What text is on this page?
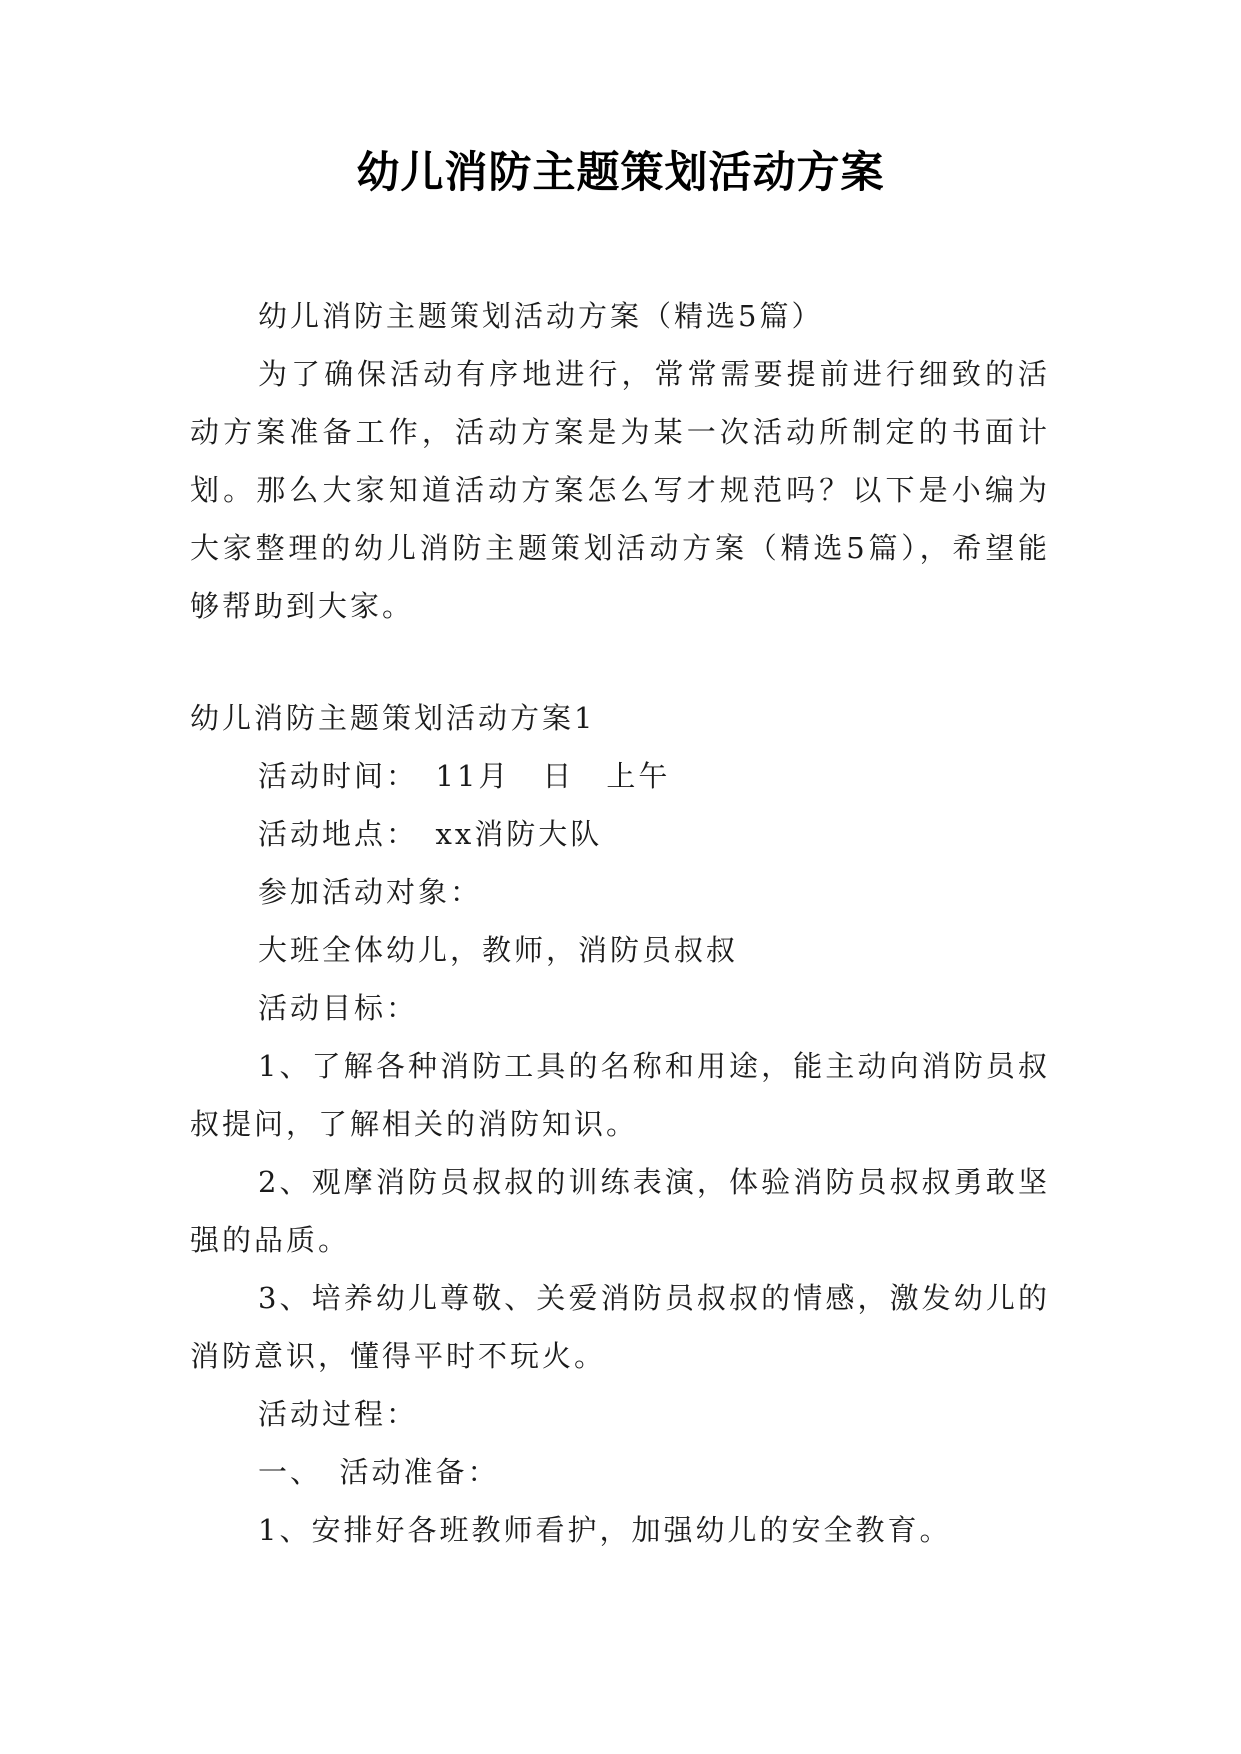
幼儿消防主题策划活动方案

幼儿消防主题策划活动方案（精选5篇）

为了确保活动有序地进行，常常需要提前进行细致的活动方案准备工作，活动方案是为某一次活动所制定的书面计划。那么大家知道活动方案怎么写才规范吗？以下是小编为大家整理的幼儿消防主题策划活动方案（精选5篇），希望能够帮助到大家。

幼儿消防主题策划活动方案1

活动时间：　11月　日　上午

活动地点：　xx消防大队

参加活动对象：

大班全体幼儿，教师，消防员叔叔

活动目标：

1、了解各种消防工具的名称和用途，能主动向消防员叔叔提问，了解相关的消防知识。

2、观摩消防员叔叔的训练表演，体验消防员叔叔勇敢坚强的品质。

3、培养幼儿尊敬、关爱消防员叔叔的情感，激发幼儿的消防意识，懂得平时不玩火。

活动过程：

一、　活动准备：

1、安排好各班教师看护，加强幼儿的安全教育。
